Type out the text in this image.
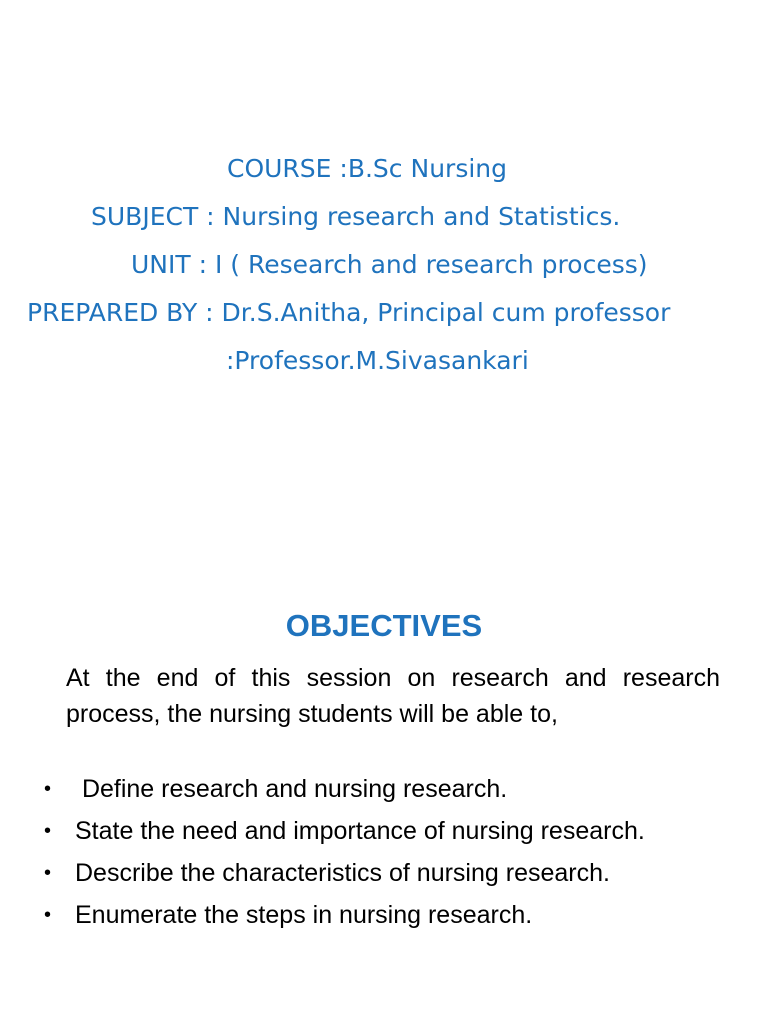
COURSE :B.Sc Nursing
SUBJECT : Nursing research and Statistics.
UNIT : I ( Research and research process)
PREPARED BY : Dr.S.Anitha, Principal cum professor
:Professor.M.Sivasankari
OBJECTIVES
At the end of this session on research and research process, the nursing students will be able to,
• Define research and nursing research.
• State the need and importance of nursing research.
• Describe the characteristics of nursing research.
• Enumerate the steps in nursing research.
